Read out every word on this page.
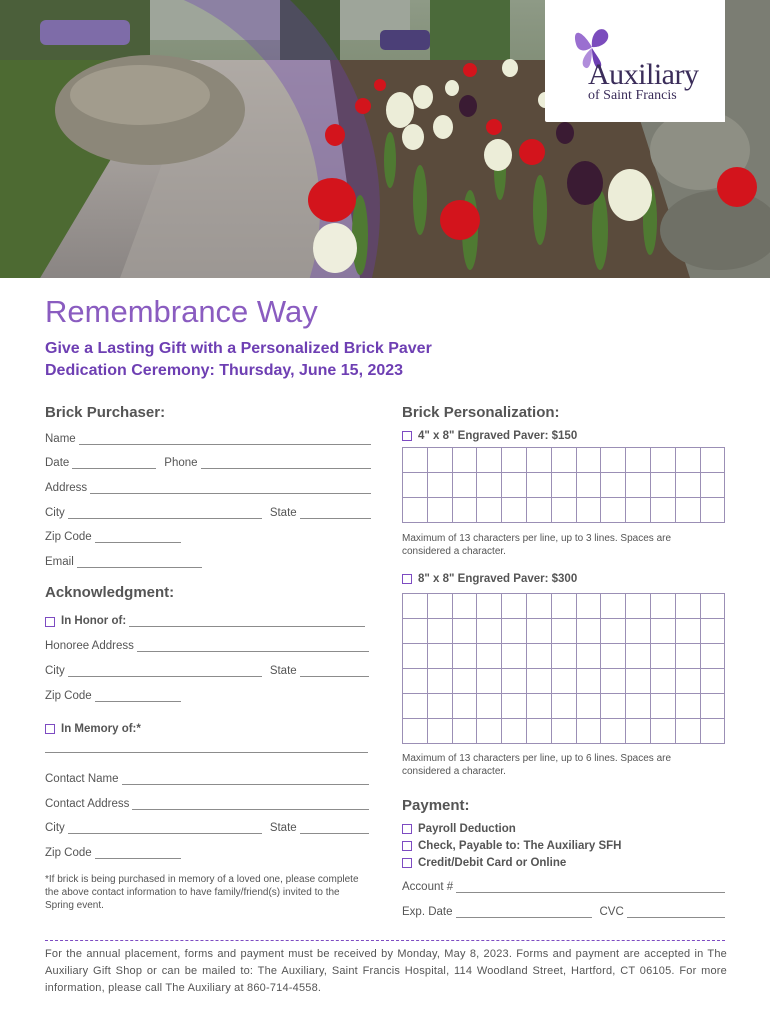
Auxiliary
of Saint Francis
Remembrance Way
Give a Lasting Gift with a Personalized Brick Paver
Dedication Ceremony: Thursday, June 15, 2023
Brick Purchaser:
Name
Date	Phone
Address
City	State
Zip Code
Email
Acknowledgment:
In Honor of:
Honoree Address
City	State
Zip Code
In Memory of:*
Contact Name
Contact Address
City	State
Zip Code
*If brick is being purchased in memory of a loved one, please complete the above contact information to have family/friend(s) invited to the Spring event.
Brick Personalization:
4" x 8" Engraved Paver: $150
Maximum of 13 characters per line, up to 3 lines. Spaces are considered a character.
8" x 8" Engraved Paver: $300
Maximum of 13 characters per line, up to 6 lines. Spaces are considered a character.
Payment:
Payroll Deduction
Check, Payable to: The Auxiliary SFH
Credit/Debit Card or Online
Account #
Exp. Date	CVC
For the annual placement, forms and payment must be received by Monday, May 8, 2023. Forms and payment are accepted in The Auxiliary Gift Shop or can be mailed to: The Auxiliary, Saint Francis Hospital, 114 Woodland Street, Hartford, CT 06105. For more information, please call The Auxiliary at 860-714-4558.
